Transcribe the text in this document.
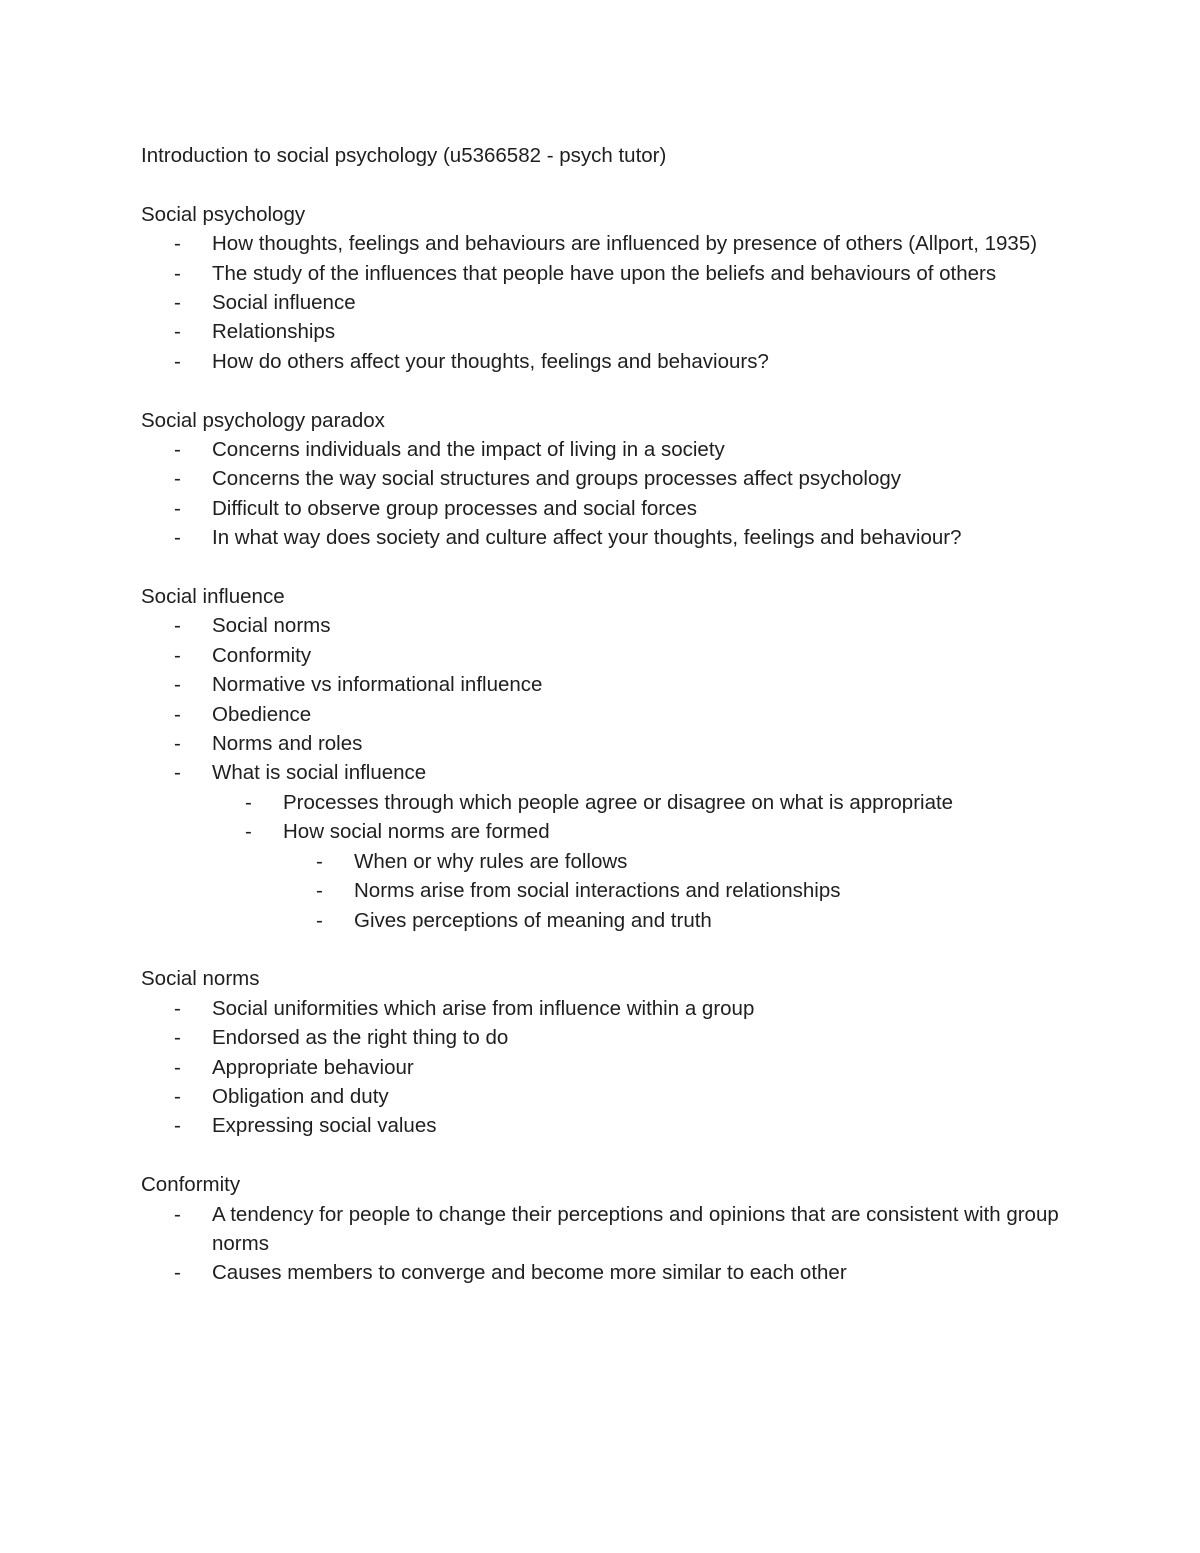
Introduction to social psychology (u5366582 - psych tutor)

Social psychology

- How thoughts, feelings and behaviours are influenced by presence of others (Allport, 1935)
- The study of the influences that people have upon the beliefs and behaviours of others
- Social influence
- Relationships
- How do others affect your thoughts, feelings and behaviours?

Social psychology paradox

- Concerns individuals and the impact of living in a society
- Concerns the way social structures and groups processes affect psychology
- Difficult to observe group processes and social forces
- In what way does society and culture affect your thoughts, feelings and behaviour?

Social influence

- Social norms
- Conformity
- Normative vs informational influence
- Obedience
- Norms and roles
- What is social influence
- Processes through which people agree or disagree on what is appropriate
- How social norms are formed
- When or why rules are follows
- Norms arise from social interactions and relationships
- Gives perceptions of meaning and truth

Social norms

- Social uniformities which arise from influence within a group
- Endorsed as the right thing to do
- Appropriate behaviour
- Obligation and duty
- Expressing social values

Conformity

- A tendency for people to change their perceptions and opinions that are consistent with group norms
- Causes members to converge and become more similar to each other
